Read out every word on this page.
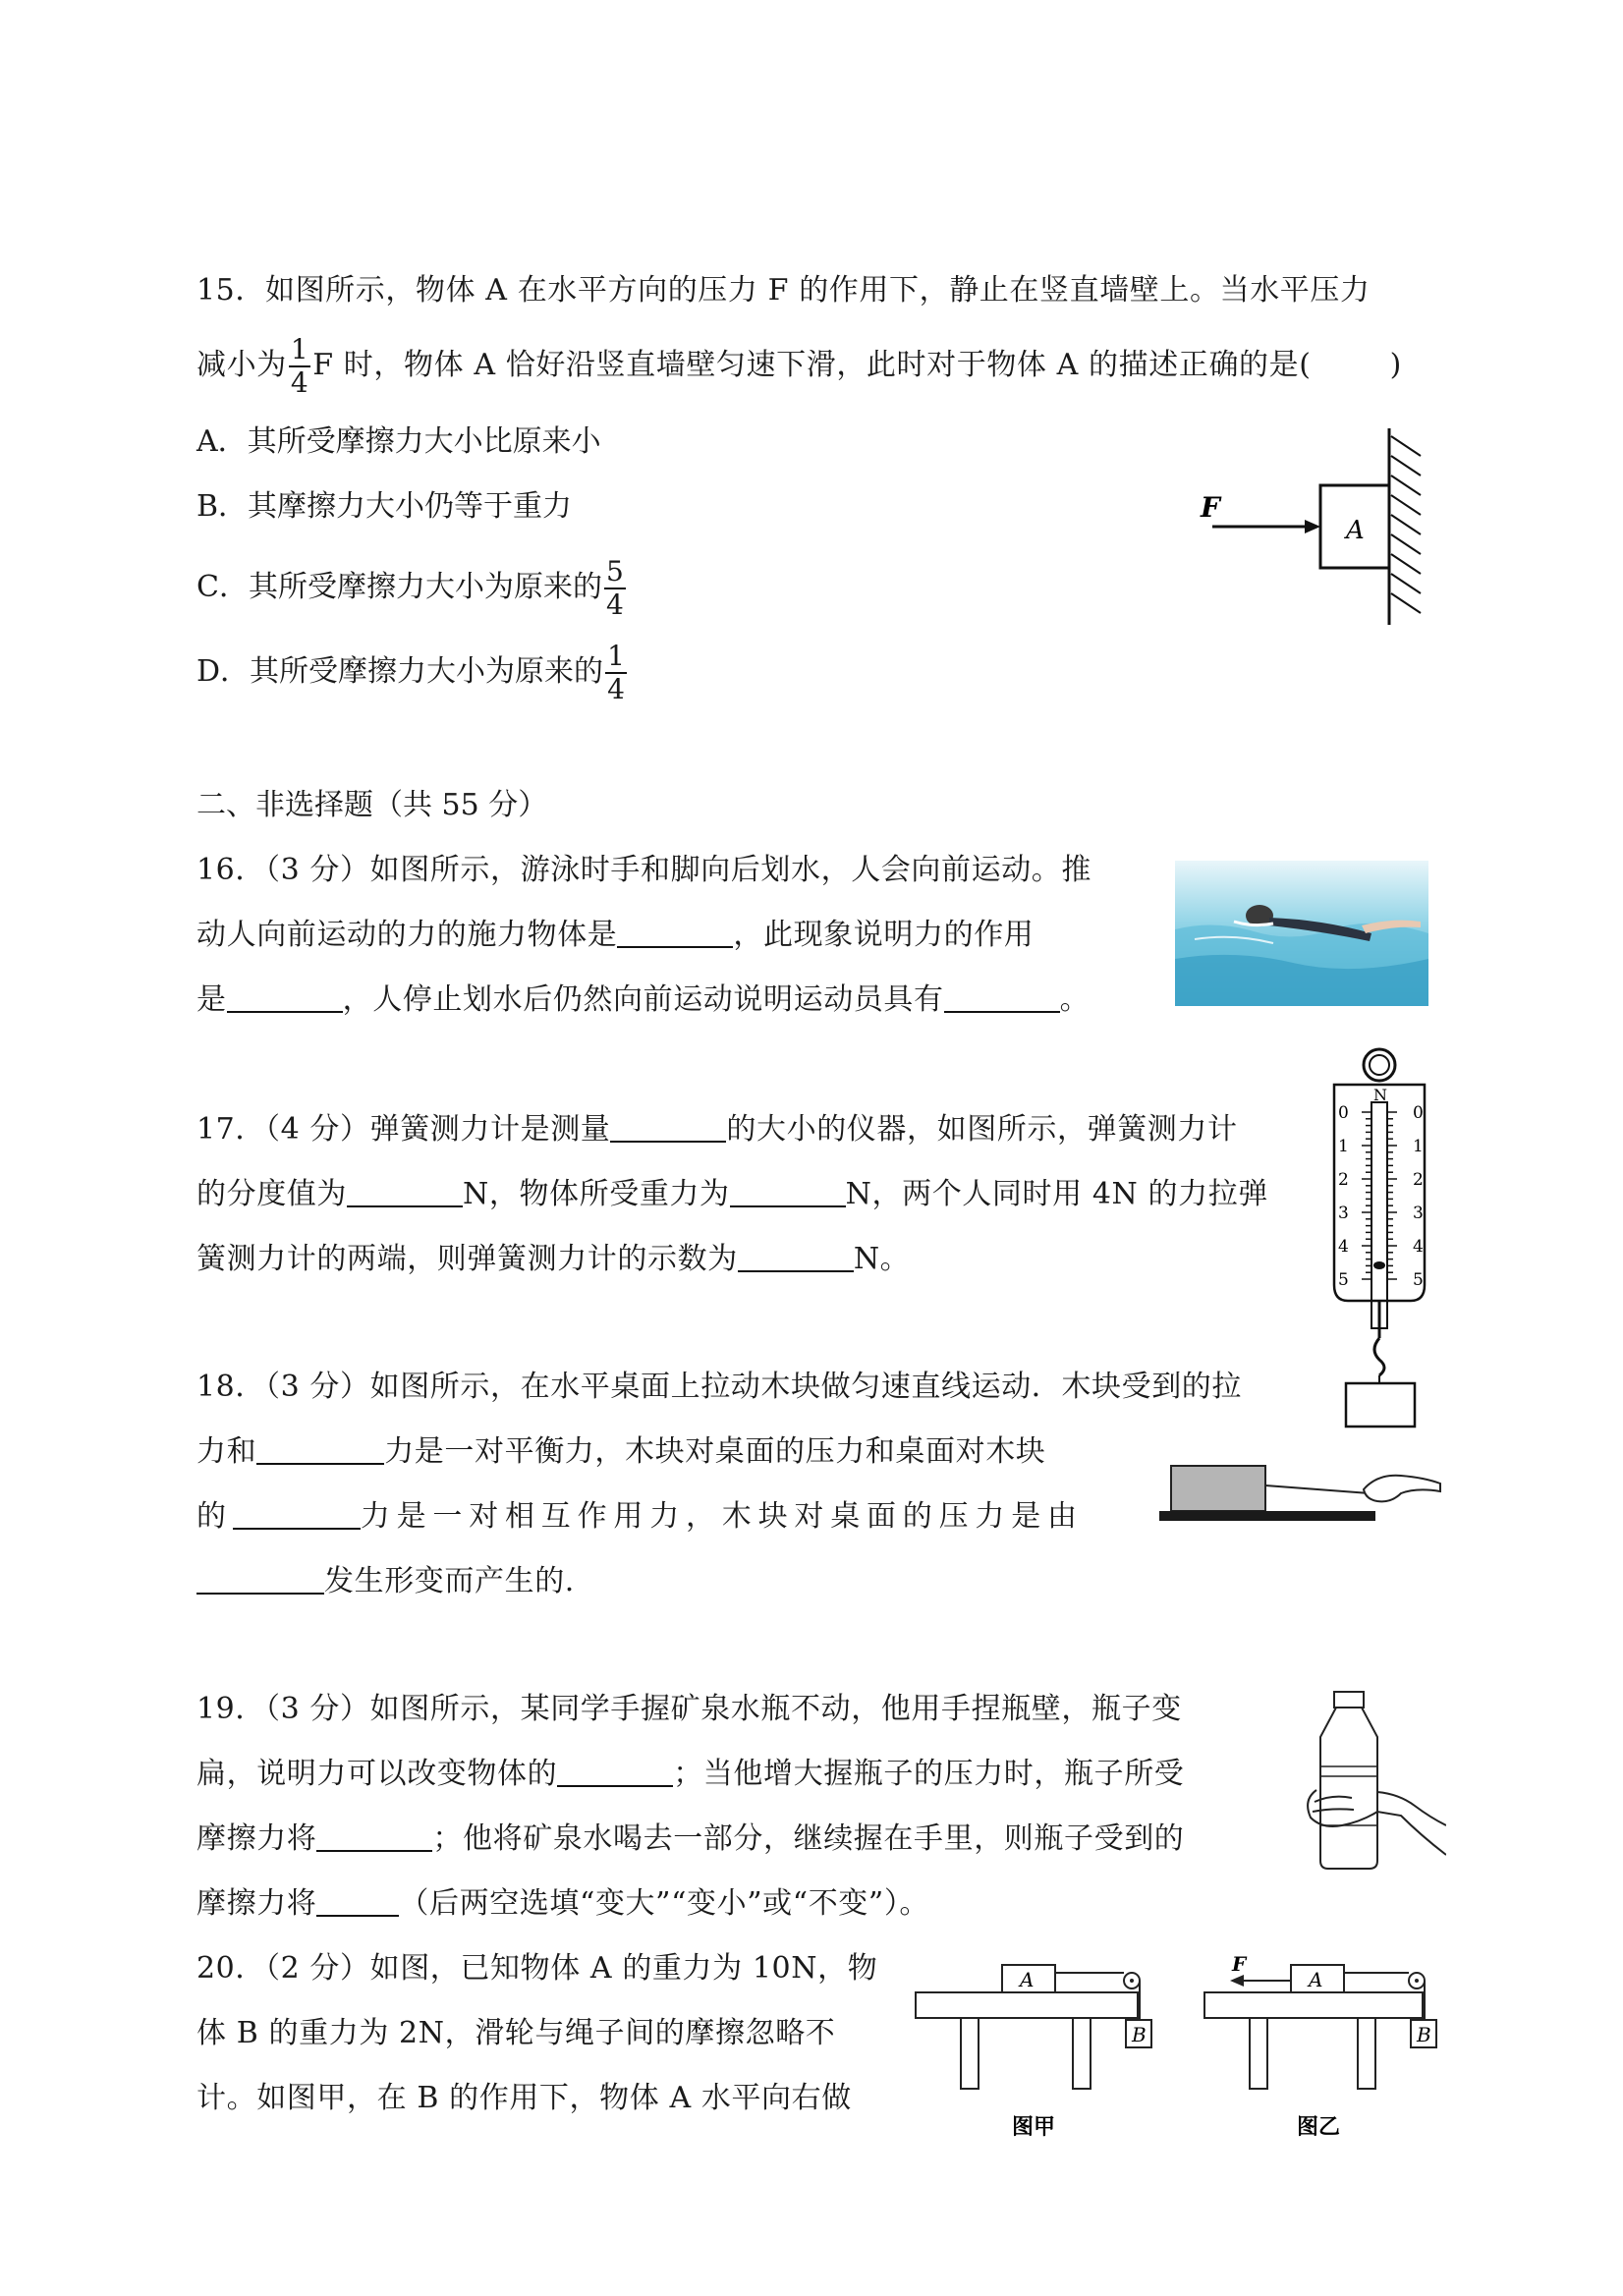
15．如图所示，物体 A 在水平方向的压力 F 的作用下，静止在竖直墙壁上。当水平压力
减小为 $\frac{1}{4}$ F 时，物体 A 恰好沿竖直墙壁匀速下滑，此时对于物体 A 的描述正确的是(	)
A．其所受摩擦力大小比原来小
B．其摩擦力大小仍等于重力
C．其所受摩擦力大小为原来的 $\frac{5}{4}$
D．其所受摩擦力大小为原来的 $\frac{1}{4}$
F
A
二、非选择题（共 55 分）
16．（3 分）如图所示，游泳时手和脚向后划水，人会向前运动。推
动人向前运动的力的施力物体是	，此现象说明力的作用
是	，人停止划水后仍然向前运动说明运动员具有	。
17．（4 分）弹簧测力计是测量	的大小的仪器，如图所示，弹簧测力计
的分度值为	N，物体所受重力为	N，两个人同时用 4N 的力拉弹
簧测力计的两端，则弹簧测力计的示数为	N。
N
0
1
2
3
4
5
0
1
2
3
4
5
18．（3 分）如图所示，在水平桌面上拉动木块做匀速直线运动．木块受到的拉
力和	力是一对平衡力，木块对桌面的压力和桌面对木块
的	力是一对相互作用力，木块对桌面的压力是由
发生形变而产生的.
19．（3 分）如图所示，某同学手握矿泉水瓶不动，他用手捏瓶壁，瓶子变
扁，说明力可以改变物体的	；当他增大握瓶子的压力时，瓶子所受
摩擦力将	；他将矿泉水喝去一部分，继续握在手里，则瓶子受到的
摩擦力将	（后两空选填“变大”“变小”或“不变”）。
20．（2 分）如图，已知物体 A 的重力为 10N，物
体 B 的重力为 2N，滑轮与绳子间的摩擦忽略不
计。如图甲，在 B 的作用下，物体 A 水平向右做
A
B
图甲
F
A
B
图乙
